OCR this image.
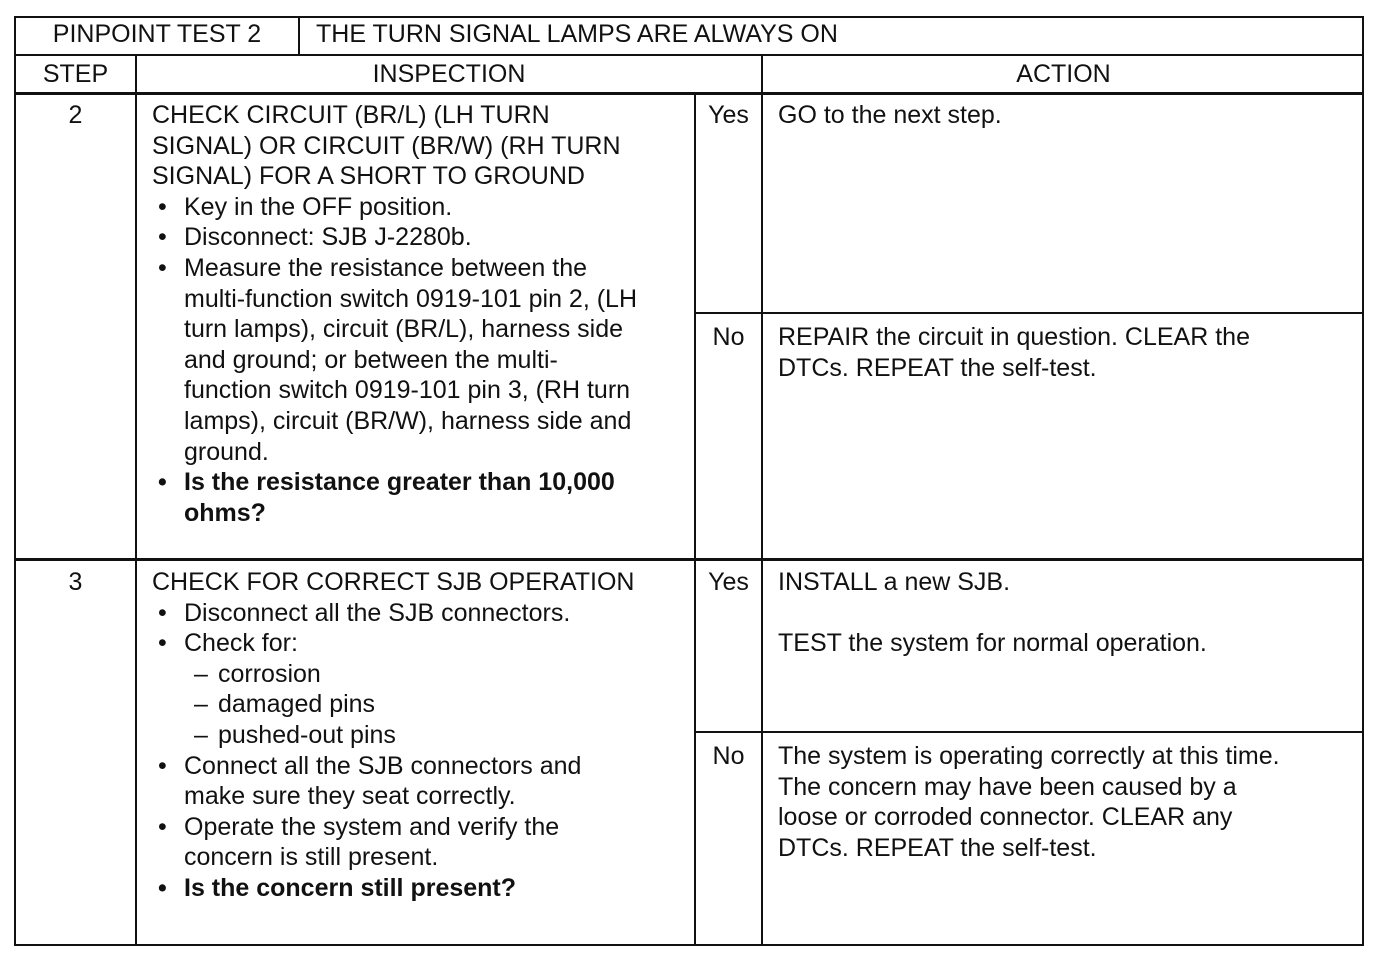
PINPOINT TEST 2	THE TURN SIGNAL LAMPS ARE ALWAYS ON
STEP	INSPECTION	ACTION
2	CHECK CIRCUIT (BR/L) (LH TURN
SIGNAL) OR CIRCUIT (BR/W) (RH TURN
SIGNAL) FOR A SHORT TO GROUND
• Key in the OFF position.
• Disconnect: SJB J-2280b.
• Measure the resistance between the
multi-function switch 0919-101 pin 2, (LH
turn lamps), circuit (BR/L), harness side
and ground; or between the multi-
function switch 0919-101 pin 3, (RH turn
lamps), circuit (BR/W), harness side and
ground.
• Is the resistance greater than 10,000
ohms?
Yes	GO to the next step.
No	REPAIR the circuit in question. CLEAR the
DTCs. REPEAT the self-test.
3	CHECK FOR CORRECT SJB OPERATION
• Disconnect all the SJB connectors.
• Check for:
– corrosion
– damaged pins
– pushed-out pins
• Connect all the SJB connectors and
make sure they seat correctly.
• Operate the system and verify the
concern is still present.
• Is the concern still present?
Yes	INSTALL a new SJB.
TEST the system for normal operation.
No	The system is operating correctly at this time.
The concern may have been caused by a
loose or corroded connector. CLEAR any
DTCs. REPEAT the self-test.
